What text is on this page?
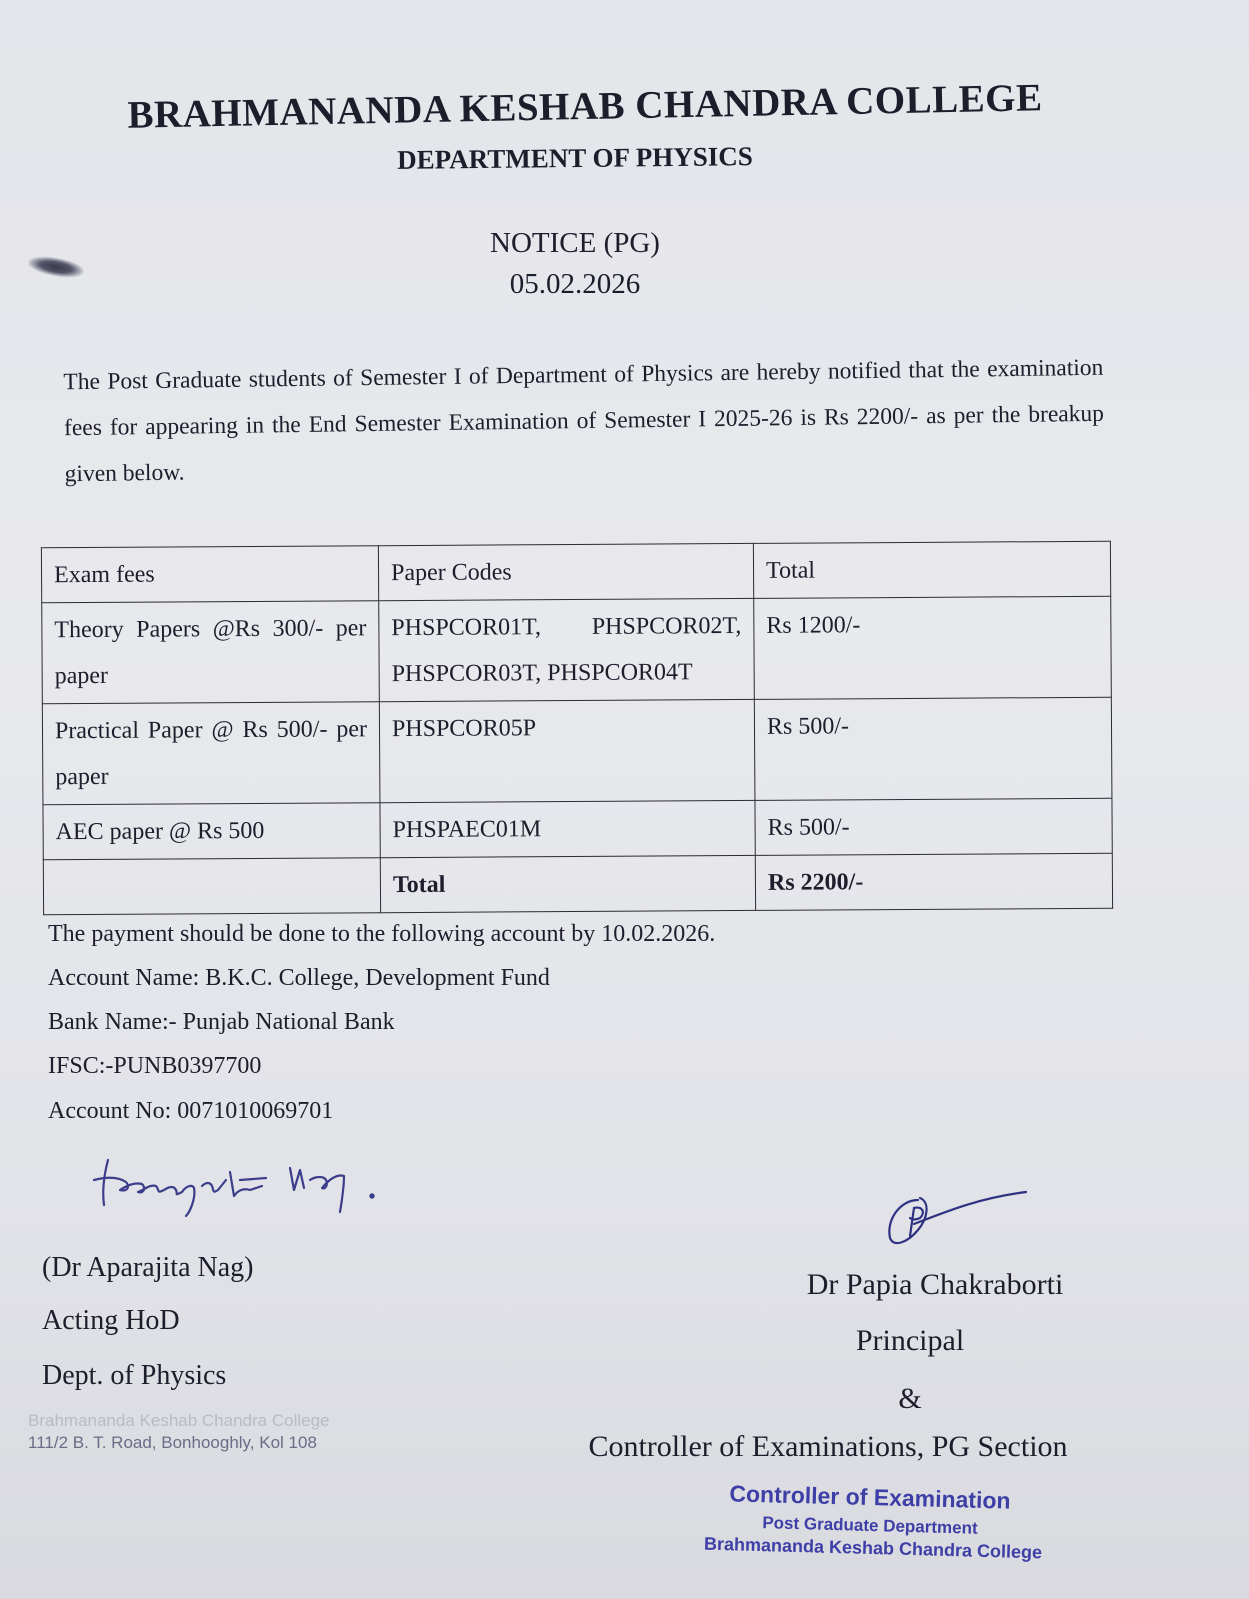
BRAHMANANDA KESHAB CHANDRA COLLEGE
DEPARTMENT OF PHYSICS
NOTICE (PG)
05.02.2026
The Post Graduate students of Semester I of Department of Physics are hereby notified that the examination fees for appearing in the End Semester Examination of Semester I 2025-26 is Rs 2200/- as per the breakup given below.
Exam fees	Paper Codes	Total
Theory Papers @Rs 300/- per paper	PHSPCOR01T, PHSPCOR02T, PHSPCOR03T, PHSPCOR04T	Rs 1200/-
Practical Paper @ Rs 500/- per paper	PHSPCOR05P	Rs 500/-
AEC paper @ Rs 500	PHSPAEC01M	Rs 500/-
	Total	Rs 2200/-
The payment should be done to the following account by 10.02.2026.
Account Name: B.K.C. College, Development Fund
Bank Name:- Punjab National Bank
IFSC:-PUNB0397700
Account No: 0071010069701
(Dr Aparajita Nag)
Acting HoD
Dept. of Physics
Brahmananda Keshab Chandra College
111/2 B. T. Road, Bonhooghly, Kol 108
Dr Papia Chakraborti
Principal
&
Controller of Examinations, PG Section
Controller of Examination
Post Graduate Department
Brahmananda Keshab Chandra College
